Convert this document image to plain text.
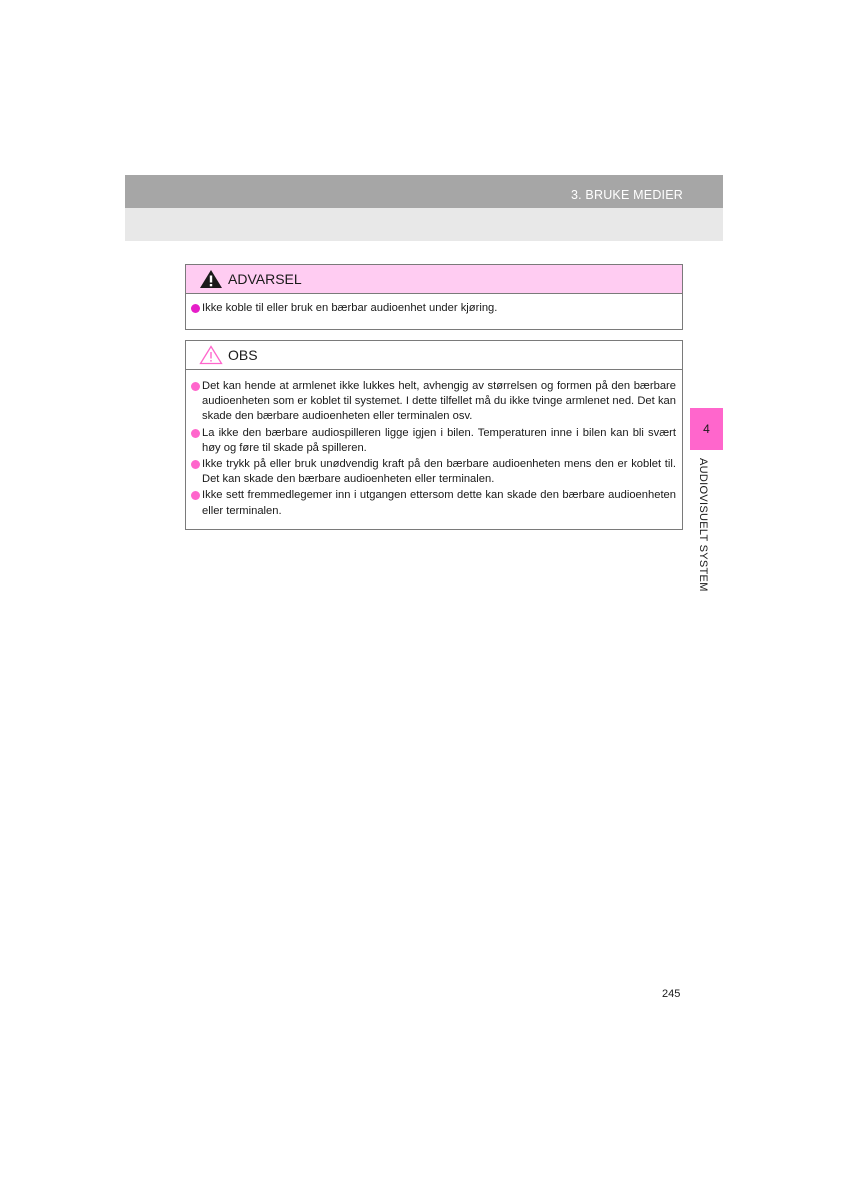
3. BRUKE MEDIER
4
AUDIOVISUELT SYSTEM
ADVARSEL
Ikke koble til eller bruk en bærbar audioenhet under kjøring.
OBS
Det kan hende at armlenet ikke lukkes helt, avhengig av størrelsen og formen på den bærbare audioenheten som er koblet til systemet. I dette tilfellet må du ikke tvinge armlenet ned. Det kan skade den bærbare audioenheten eller terminalen osv.
La ikke den bærbare audiospilleren ligge igjen i bilen. Temperaturen inne i bilen kan bli svært høy og føre til skade på spilleren.
Ikke trykk på eller bruk unødvendig kraft på den bærbare audioenheten mens den er koblet til. Det kan skade den bærbare audioenheten eller terminalen.
Ikke sett fremmedlegemer inn i utgangen ettersom dette kan skade den bærbare audioenheten eller terminalen.
245
